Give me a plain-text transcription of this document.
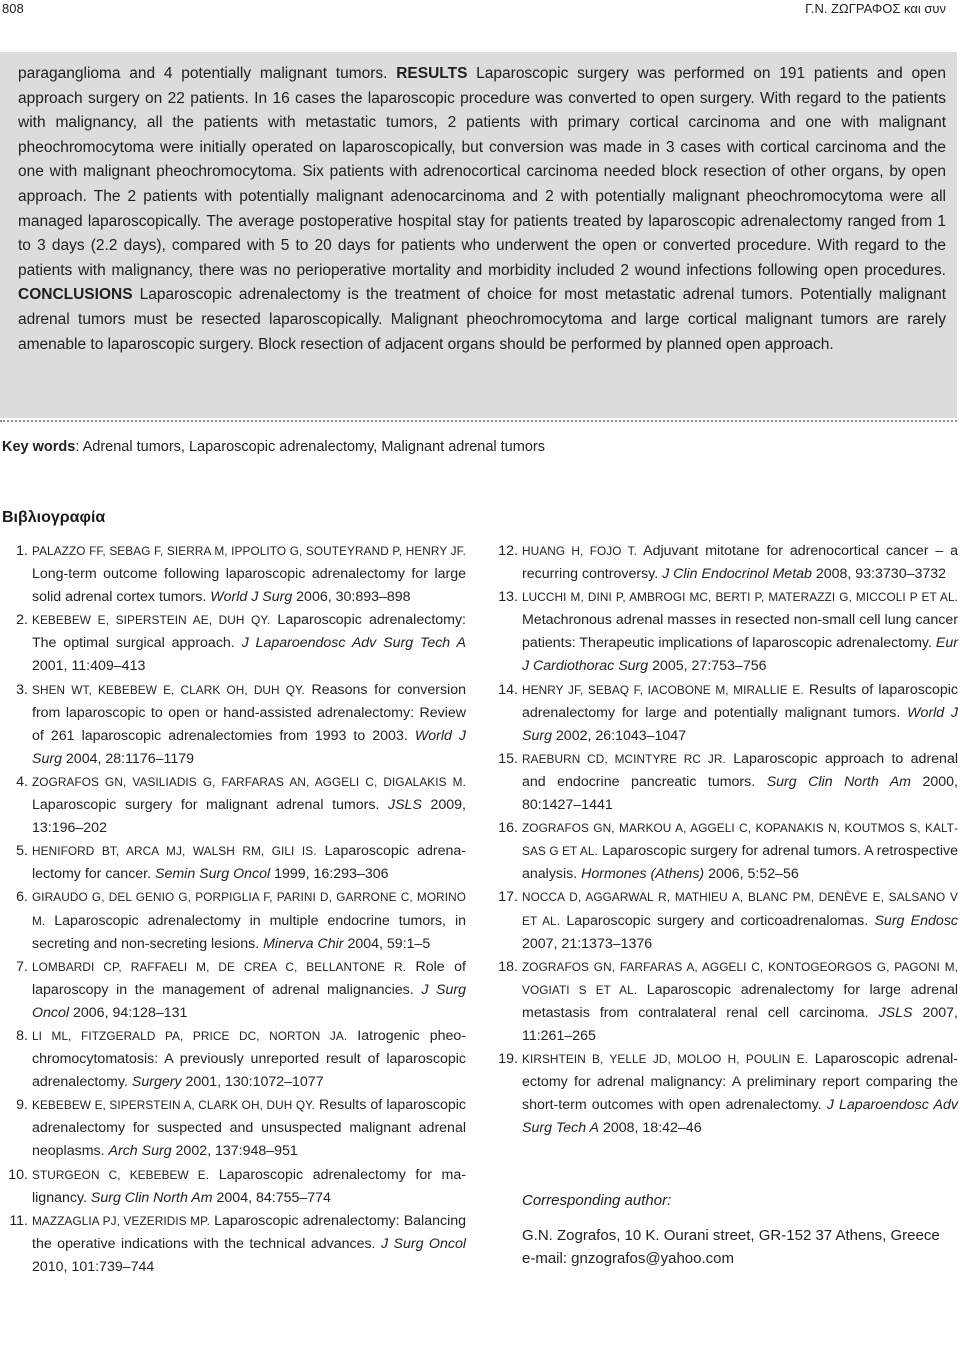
808	Γ.Ν. ΖΩΓΡΑΦΟΣ και συν

paraganglioma and 4 potentially malignant tumors. RESULTS Laparoscopic surgery was performed on 191 patients and open approach surgery on 22 patients. In 16 cases the laparoscopic procedure was converted to open surgery. With regard to the patients with malignancy, all the patients with metastatic tumors, 2 patients with primary cortical carcinoma and one with malignant pheochromocytoma were initially operated on laparoscopically, but conversion was made in 3 cases with cortical carcinoma and the one with malignant pheochromocytoma. Six patients with adrenocortical carcinoma needed block resection of other organs, by open approach. The 2 patients with potentially malignant adenocarcinoma and 2 with potentially malignant pheochromocytoma were all managed laparoscopically. The average postoperative hospital stay for patients treated by laparoscopic adrenalectomy ranged from 1 to 3 days (2.2 days), compared with 5 to 20 days for patients who underwent the open or converted procedure. With regard to the patients with malignancy, there was no perioperative mortality and morbidity included 2 wound infections following open procedures. CONCLUSIONS Laparoscopic adrenalectomy is the treatment of choice for most metastatic adrenal tumors. Potentially malignant adrenal tumors must be resected laparoscopically. Malignant pheochromocytoma and large cortical malignant tumors are rarely amenable to laparoscopic surgery. Block resection of adjacent organs should be performed by planned open approach.

Key words: Adrenal tumors, Laparoscopic adrenalectomy, Malignant adrenal tumors
Βιβλιογραφία
1. PALAZZO FF, SEBAG F, SIERRA M, IPPOLITO G, SOUTEYRAND P, HENRY JF. Long-term outcome following laparoscopic adrenalectomy for large solid adrenal cortex tumors. World J Surg 2006, 30:893‒898
2. KEBEBEW E, SIPERSTEIN AE, DUH QY. Laparoscopic adrenalectomy: The optimal surgical approach. J Laparoendosc Adv Surg Tech A 2001, 11:409‒413
3. SHEN WT, KEBEBEW E, CLARK OH, DUH QY. Reasons for conversion from laparoscopic to open or hand-assisted adrenalectomy: Review of 261 laparoscopic adrenalectomies from 1993 to 2003. World J Surg 2004, 28:1176‒1179
4. ZOGRAFOS GN, VASILIADIS G, FARFARAS AN, AGGELI C, DIGALAKIS M. Laparoscopic surgery for malignant adrenal tumors. JSLS 2009, 13:196‒202
5. HENIFORD BT, ARCA MJ, WALSH RM, GILI IS. Laparoscopic adrenalectomy for cancer. Semin Surg Oncol 1999, 16:293‒306
6. GIRAUDO G, DEL GENIO G, PORPIGLIA F, PARINI D, GARRONE C, MORINO M. Laparoscopic adrenalectomy in multiple endocrine tumors, in secreting and non-secreting lesions. Minerva Chir 2004, 59:1‒5
7. LOMBARDI CP, RAFFAELI M, DE CREA C, BELLANTONE R. Role of laparoscopy in the management of adrenal malignancies. J Surg Oncol 2006, 94:128‒131
8. LI ML, FITZGERALD PA, PRICE DC, NORTON JA. Iatrogenic pheochromocytomatosis: A previously unreported result of laparoscopic adrenalectomy. Surgery 2001, 130:1072‒1077
9. KEBEBEW E, SIPERSTEIN A, CLARK OH, DUH QY. Results of laparoscopic adrenalectomy for suspected and unsuspected malignant adrenal neoplasms. Arch Surg 2002, 137:948‒951
10. STURGEON C, KEBEBEW E. Laparoscopic adrenalectomy for malignancy. Surg Clin North Am 2004, 84:755‒774
11. MAZZAGLIA PJ, VEZERIDIS MP. Laparoscopic adrenalectomy: Balancing the operative indications with the technical advances. J Surg Oncol 2010, 101:739‒744
12. HUANG H, FOJO T. Adjuvant mitotane for adrenocortical cancer ‒ a recurring controversy. J Clin Endocrinol Metab 2008, 93:3730‒3732
13. LUCCHI M, DINI P, AMBROGI MC, BERTI P, MATERAZZI G, MICCOLI P ET AL. Metachronous adrenal masses in resected non-small cell lung cancer patients: Therapeutic implications of laparoscopic adrenalectomy. Eur J Cardiothorac Surg 2005, 27:753‒756
14. HENRY JF, SEBAQ F, IACOBONE M, MIRALLIE E. Results of laparoscopic adrenalectomy for large and potentially malignant tumors. World J Surg 2002, 26:1043‒1047
15. RAEBURN CD, MCINTYRE RC JR. Laparoscopic approach to adrenal and endocrine pancreatic tumors. Surg Clin North Am 2000, 80:1427‒1441
16. ZOGRAFOS GN, MARKOU A, AGGELI C, KOPANAKIS N, KOUTMOS S, KALTSAS G ET AL. Laparoscopic surgery for adrenal tumors. A retrospective analysis. Hormones (Athens) 2006, 5:52‒56
17. NOCCA D, AGGARWAL R, MATHIEU A, BLANC PM, DENÈVE E, SALSANO V ET AL. Laparoscopic surgery and corticoadrenalomas. Surg Endosc 2007, 21:1373‒1376
18. ZOGRAFOS GN, FARFARAS A, AGGELI C, KONTOGEORGOS G, PAGONI M, VOGIATI S ET AL. Laparoscopic adrenalectomy for large adrenal metastasis from contralateral renal cell carcinoma. JSLS 2007, 11:261‒265
19. KIRSHTEIN B, YELLE JD, MOLOO H, POULIN E. Laparoscopic adrenalectomy for adrenal malignancy: A preliminary report comparing the short-term outcomes with open adrenalectomy. J Laparoendosc Adv Surg Tech A 2008, 18:42‒46
Corresponding author:
G.N. Zografos, 10 K. Ourani street, GR-152 37 Athens, Greece
e-mail: gnzografos@yahoo.com
